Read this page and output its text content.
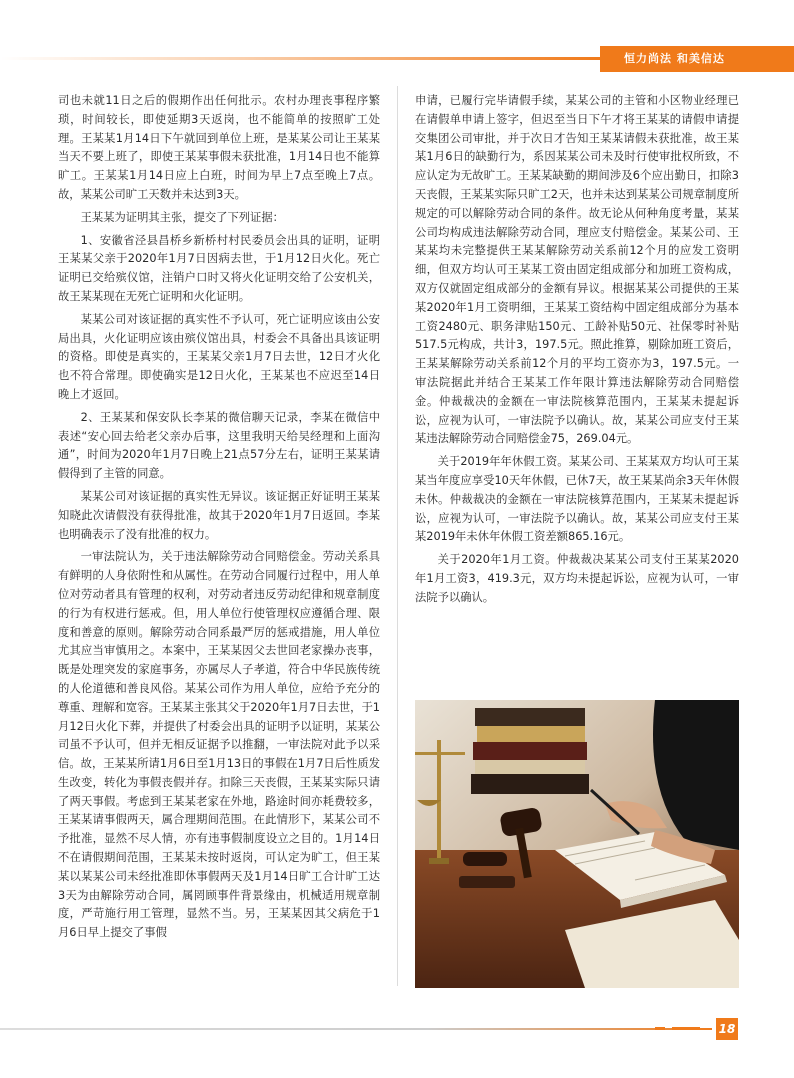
恒力尚法 和美信达

司也未就11日之后的假期作出任何批示。农村办理丧事程序繁琐，时间较长，即使延期3天返岗，也不能简单的按照旷工处理。王某某1月14日下午就回到单位上班，是某某公司让王某某当天不要上班了，即使王某某事假未获批准，1月14日也不能算旷工。王某某1月14日应上白班，时间为早上7点至晚上7点。故，某某公司旷工天数并未达到3天。

王某某为证明其主张，提交了下列证据：

1、安徽省泾县昌桥乡新桥村村民委员会出具的证明，证明王某某父亲于2020年1月7日因病去世，于1月12日火化。死亡证明已交给殡仪馆，注销户口时又将火化证明交给了公安机关，故王某某现在无死亡证明和火化证明。

某某公司对该证据的真实性不予认可，死亡证明应该由公安局出具，火化证明应该由殡仪馆出具，村委会不具备出具该证明的资格。即使是真实的，王某某父亲1月7日去世，12日才火化也不符合常理。即使确实是12日火化，王某某也不应迟至14日晚上才返回。

2、王某某和保安队长李某的微信聊天记录，李某在微信中表述“安心回去给老父亲办后事，这里我明天给吴经理和上面沟通”，时间为2020年1月7日晚上21点57分左右，证明王某某请假得到了主管的同意。

某某公司对该证据的真实性无异议。该证据正好证明王某某知晓此次请假没有获得批准，故其于2020年1月7日返回。李某也明确表示了没有批准的权力。

一审法院认为，关于违法解除劳动合同赔偿金。劳动关系具有鲜明的人身依附性和从属性。在劳动合同履行过程中，用人单位对劳动者具有管理的权利，对劳动者违反劳动纪律和规章制度的行为有权进行惩戒。但，用人单位行使管理权应遵循合理、限度和善意的原则。解除劳动合同系最严厉的惩戒措施，用人单位尤其应当审慎用之。本案中，王某某因父去世回老家操办丧事，既是处理突发的家庭事务，亦属尽人子孝道，符合中华民族传统的人伦道德和善良风俗。某某公司作为用人单位，应给予充分的尊重、理解和宽容。王某某主张其父于2020年1月7日去世，于1月12日火化下葬，并提供了村委会出具的证明予以证明，某某公司虽不予认可，但并无相反证据予以推翻，一审法院对此予以采信。故，王某某所请1月6日至1月13日的事假在1月7日后性质发生改变，转化为事假丧假并存。扣除三天丧假，王某某实际只请了两天事假。考虑到王某某老家在外地，路途时间亦耗费较多，王某某请事假两天，属合理期间范围。在此情形下，某某公司不予批准，显然不尽人情，亦有违事假制度设立之目的。1月14日不在请假期间范围，王某某未按时返岗，可认定为旷工，但王某某以某某公司未经批准即休事假两天及1月14日旷工合计旷工达3天为由解除劳动合同，属罔顾事件背景缘由，机械适用规章制度，严苛施行用工管理，显然不当。另，王某某因其父病危于1月6日早上提交了事假

申请，已履行完毕请假手续，某某公司的主管和小区物业经理已在请假单申请上签字，但迟至当日下午才将王某某的请假申请提交集团公司审批，并于次日才告知王某某请假未获批准，故王某某1月6日的缺勤行为，系因某某公司未及时行使审批权所致，不应认定为无故旷工。王某某缺勤的期间涉及6个应出勤日，扣除3天丧假，王某某实际只旷工2天，也并未达到某某公司规章制度所规定的可以解除劳动合同的条件。故无论从何种角度考量，某某公司均构成违法解除劳动合同，理应支付赔偿金。某某公司、王某某均未完整提供王某某解除劳动关系前12个月的应发工资明细，但双方均认可王某某工资由固定组成部分和加班工资构成，双方仅就固定组成部分的金额有异议。根据某某公司提供的王某某2020年1月工资明细，王某某工资结构中固定组成部分为基本工资2480元、职务津贴150元、工龄补贴50元、社保零时补贴517.5元构成，共计3，197.5元。照此推算，剔除加班工资后，王某某解除劳动关系前12个月的平均工资亦为3，197.5元。一审法院据此并结合王某某工作年限计算违法解除劳动合同赔偿金。仲裁裁决的金额在一审法院核算范围内，王某某未提起诉讼，应视为认可，一审法院予以确认。故，某某公司应支付王某某违法解除劳动合同赔偿金75，269.04元。

关于2019年年休假工资。某某公司、王某某双方均认可王某某当年度应享受10天年休假，已休7天，故王某某尚余3天年休假未休。仲裁裁决的金额在一审法院核算范围内，王某某未提起诉讼，应视为认可，一审法院予以确认。故，某某公司应支付王某某2019年未休年休假工资差额865.16元。

关于2020年1月工资。仲裁裁决某某公司支付王某某2020年1月工资3，419.3元，双方均未提起诉讼，应视为认可，一审法院予以确认。

18
